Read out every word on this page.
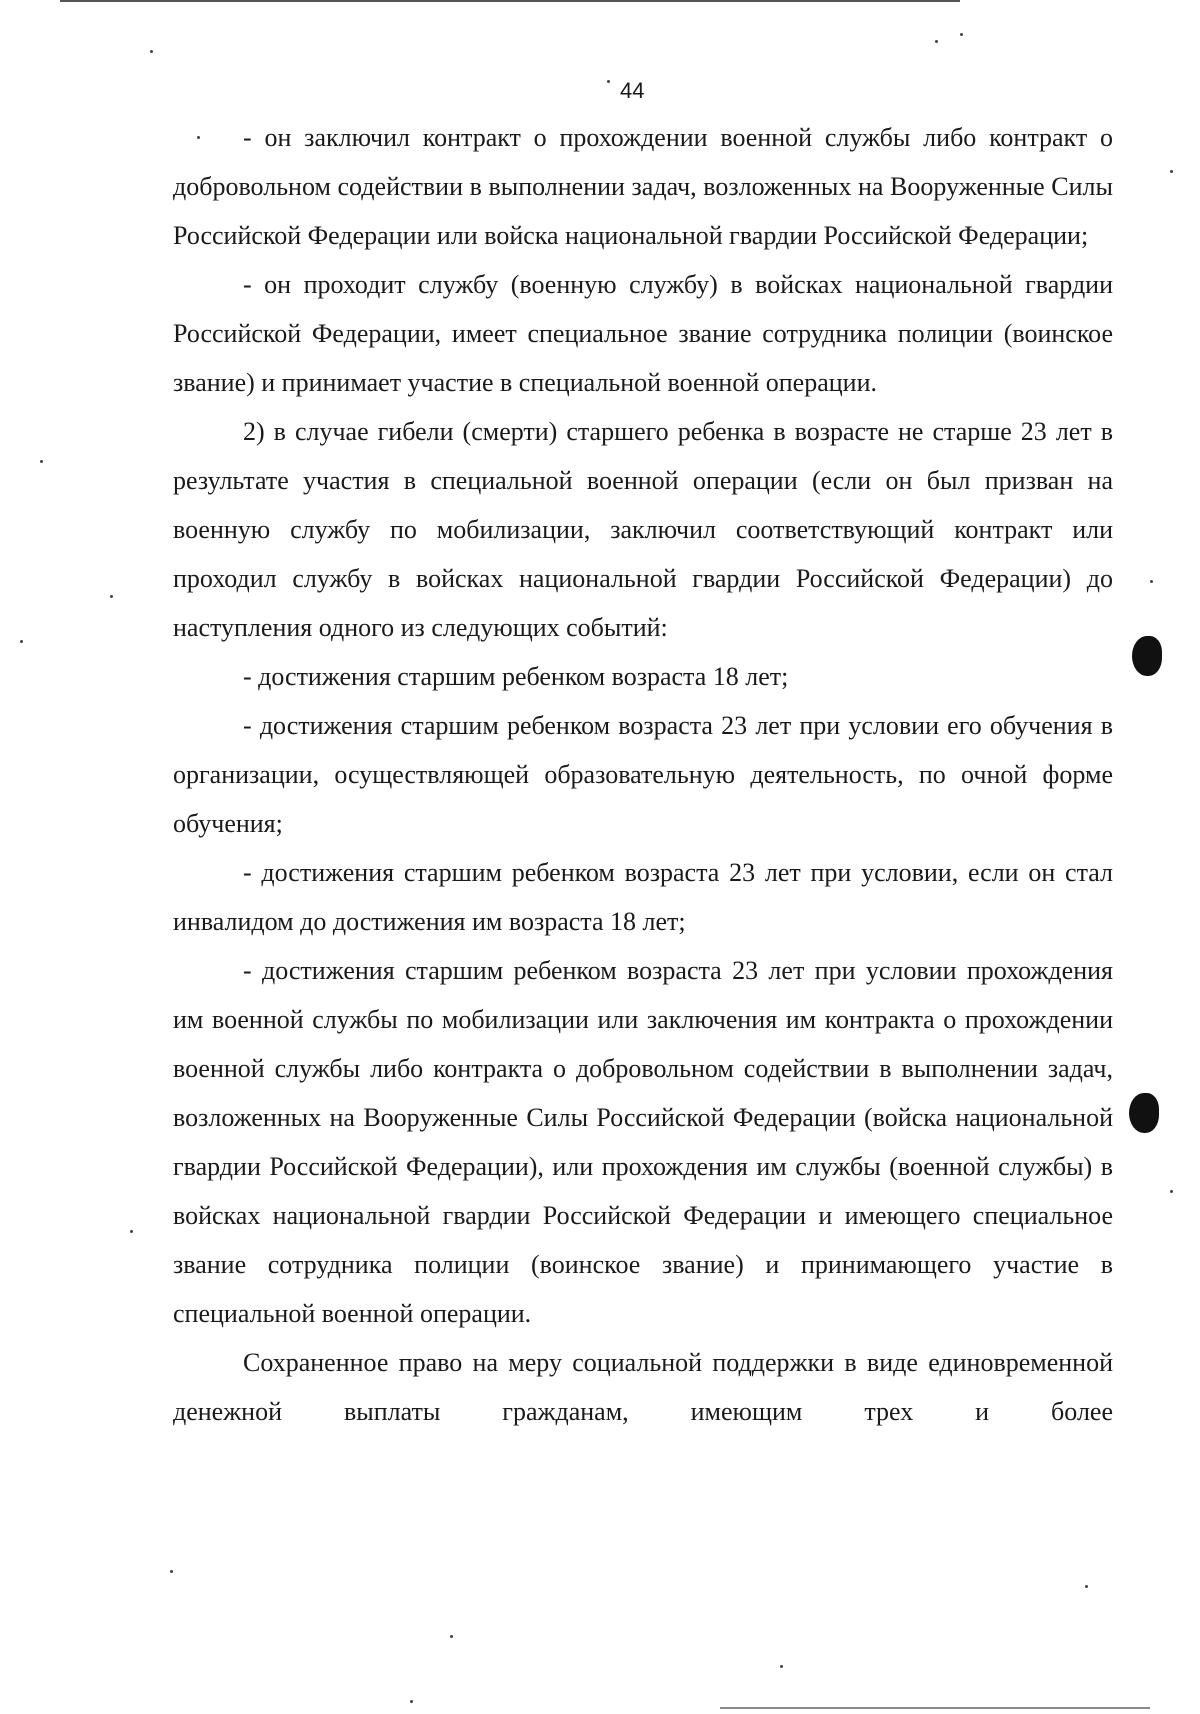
44

- он заключил контракт о прохождении военной службы либо контракт о добровольном содействии в выполнении задач, возложенных на Вооруженные Силы Российской Федерации или войска национальной гвардии Российской Федерации;

- он проходит службу (военную службу) в войсках национальной гвардии Российской Федерации, имеет специальное звание сотрудника полиции (воинское звание) и принимает участие в специальной военной операции.

2) в случае гибели (смерти) старшего ребенка в возрасте не старше 23 лет в результате участия в специальной военной операции (если он был призван на военную службу по мобилизации, заключил соответствующий контракт или проходил службу в войсках национальной гвардии Российской Федерации) до наступления одного из следующих событий:

- достижения старшим ребенком возраста 18 лет;

- достижения старшим ребенком возраста 23 лет при условии его обучения в организации, осуществляющей образовательную деятельность, по очной форме обучения;

- достижения старшим ребенком возраста 23 лет при условии, если он стал инвалидом до достижения им возраста 18 лет;

- достижения старшим ребенком возраста 23 лет при условии прохождения им военной службы по мобилизации или заключения им контракта о прохождении военной службы либо контракта о добровольном содействии в выполнении задач, возложенных на Вооруженные Силы Российской Федерации (войска национальной гвардии Российской Федерации), или прохождения им службы (военной службы) в войсках национальной гвардии Российской Федерации и имеющего специальное звание сотрудника полиции (воинское звание) и принимающего участие в специальной военной операции.

Сохраненное право на меру социальной поддержки в виде единовременной денежной выплаты гражданам, имеющим трех и более
